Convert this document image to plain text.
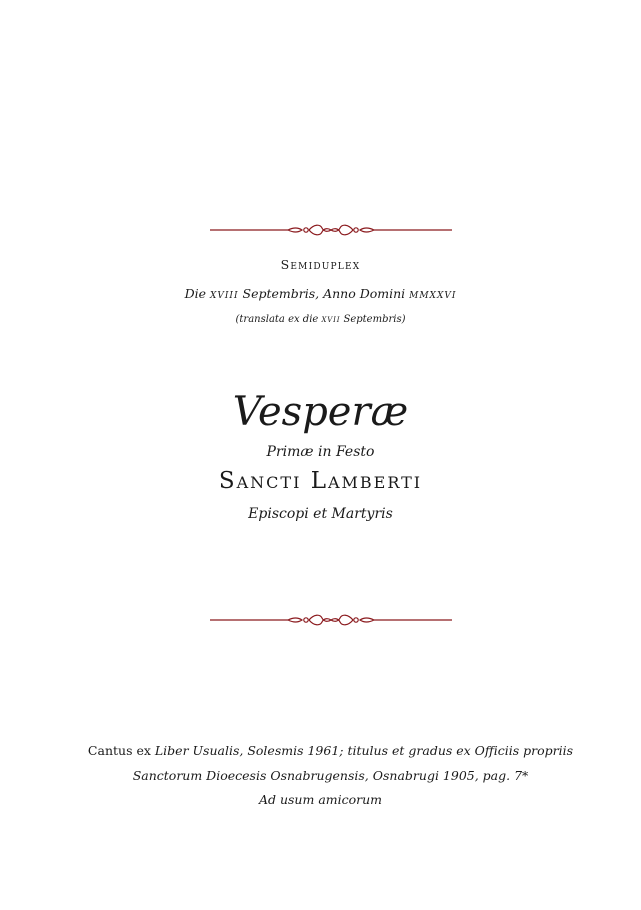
Semiduplex
Die xviii Septembris, Anno Domini mmxxvi
(translata ex die xvii Septembris)
Vesperæ
Primæ in Festo
Sancti Lamberti
Episcopi et Martyris
Cantus ex Liber Usualis, Solesmis 1961; titulus et gradus ex Officiis propriis Sanctorum Dioecesis Osnabrugensis, Osnabrugi 1905, pag. 7*
Ad usum amicorum
